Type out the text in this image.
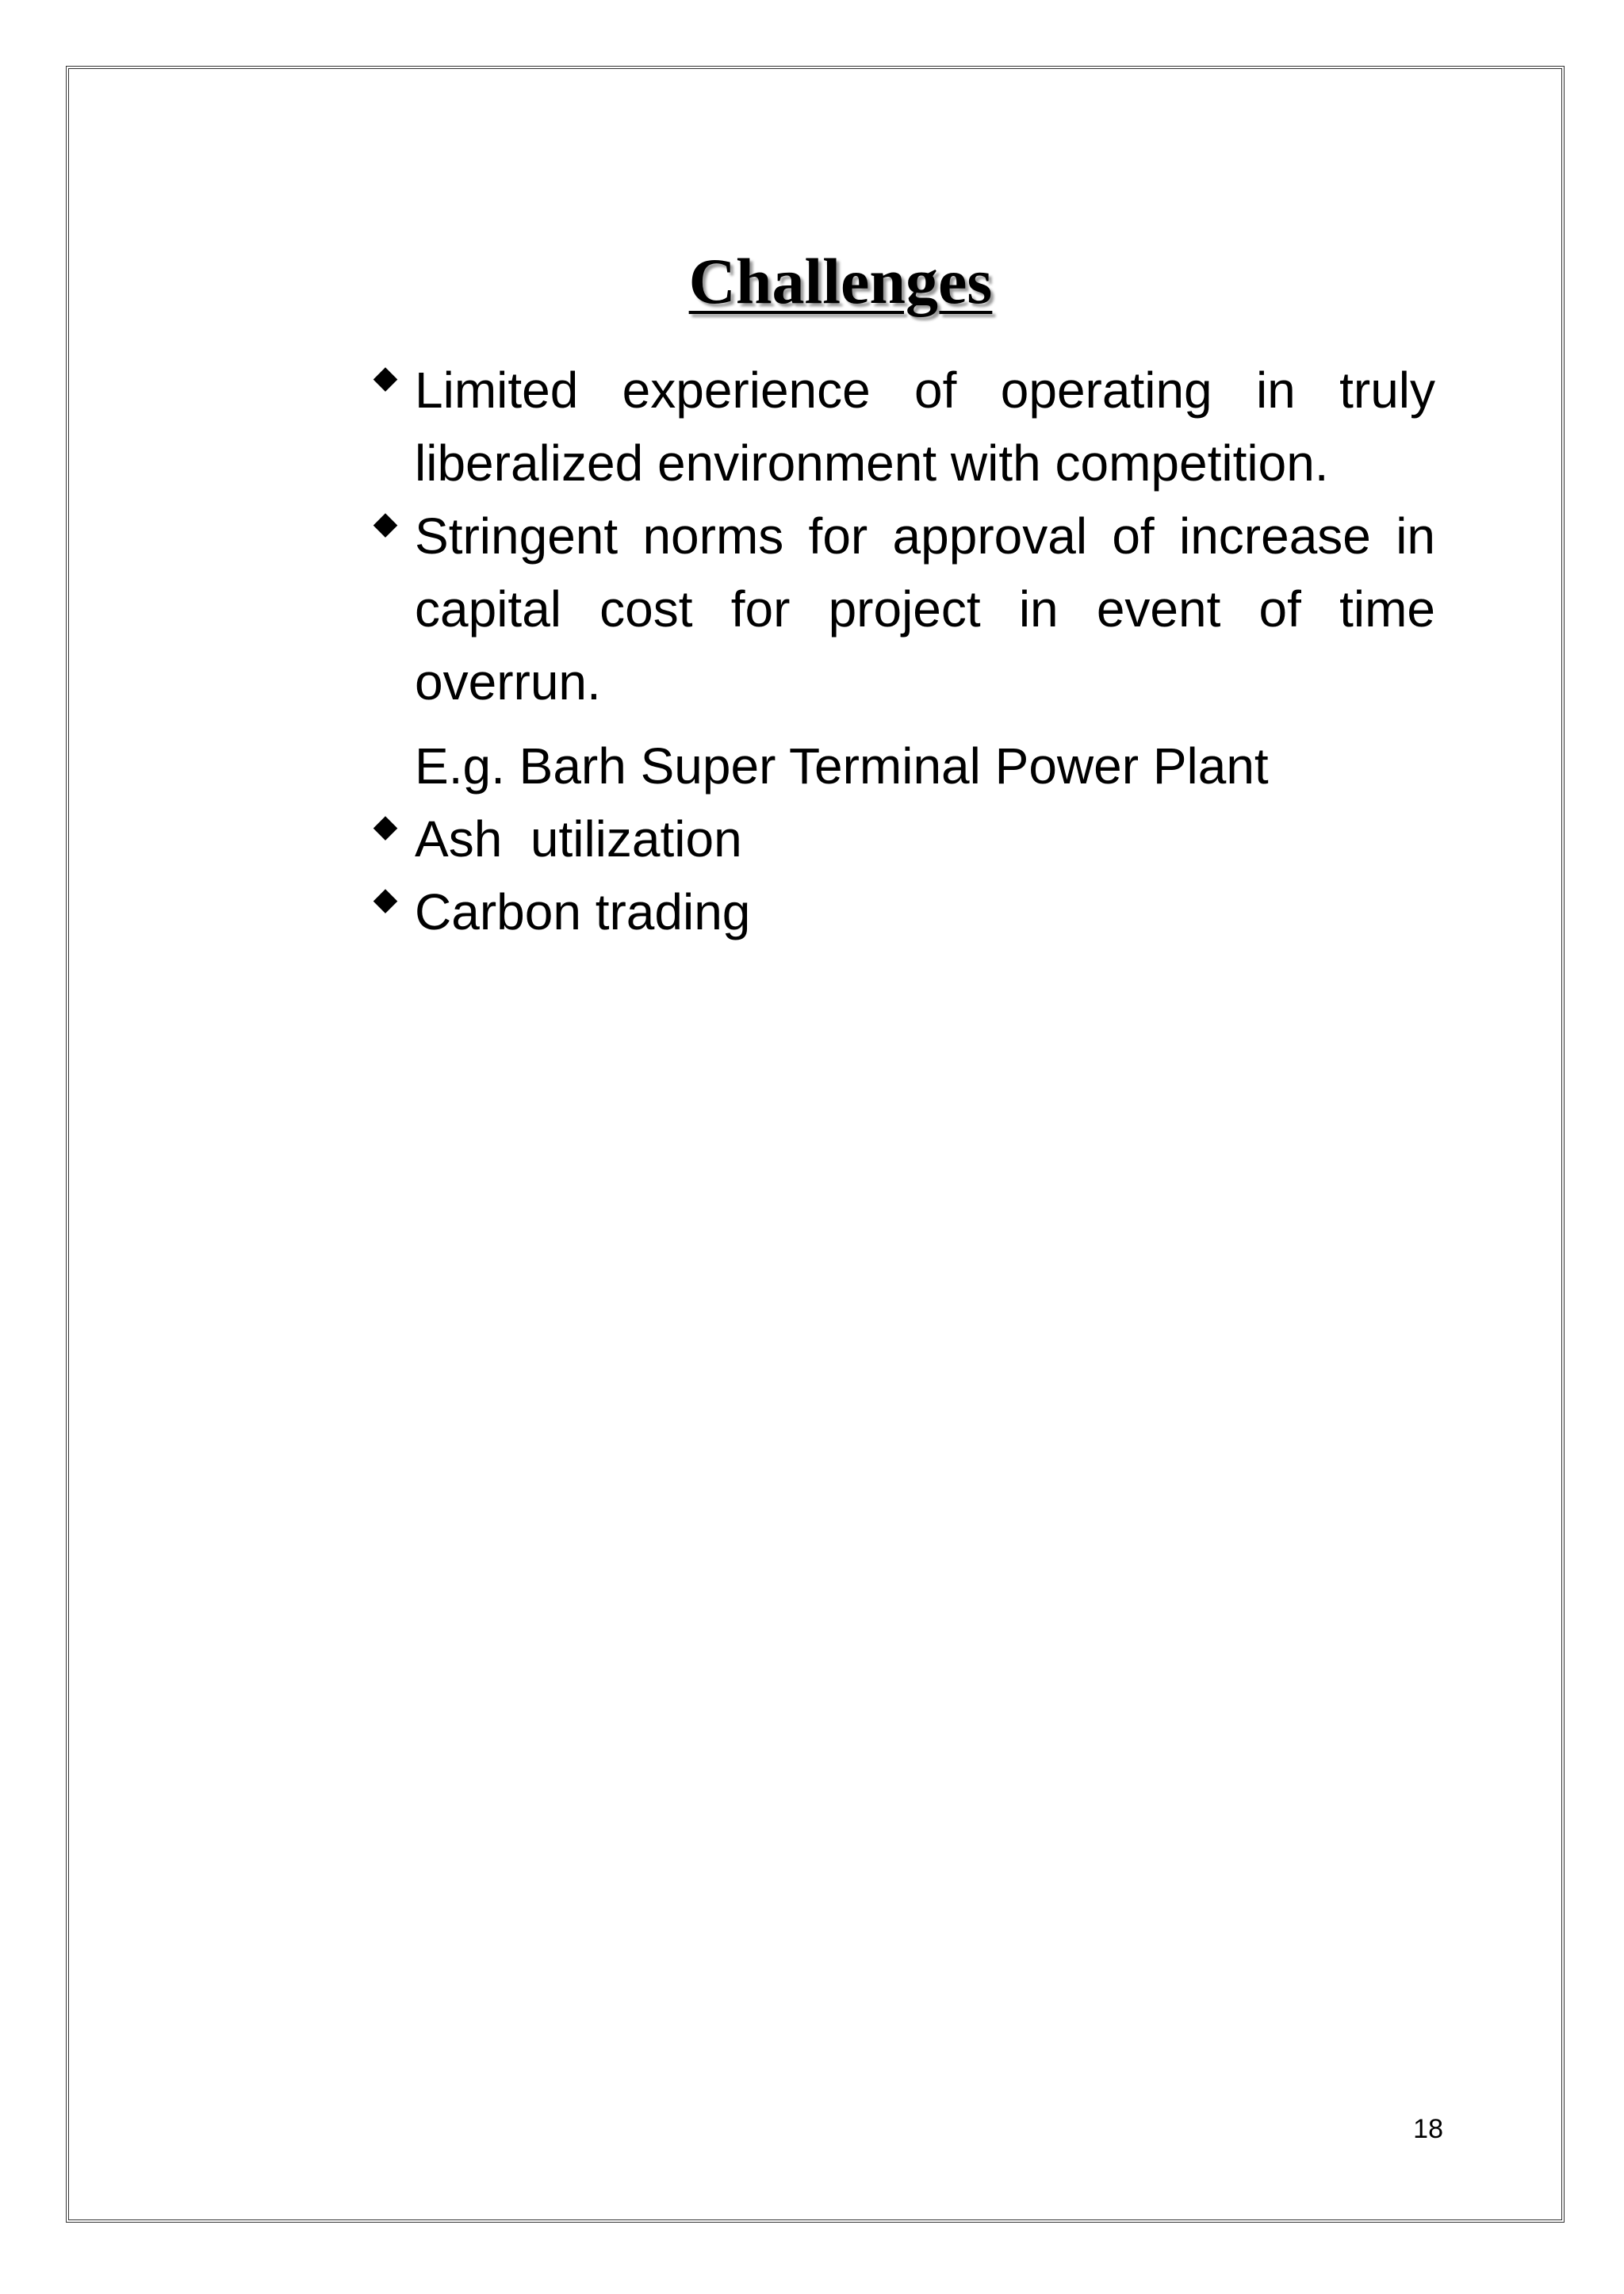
Challenges
◆ Limited experience of operating in truly liberalized environment with competition.
◆ Stringent norms for approval of increase in capital cost for project in event of time overrun.
E.g. Barh Super Terminal Power Plant
◆ Ash  utilization
◆ Carbon trading
18
